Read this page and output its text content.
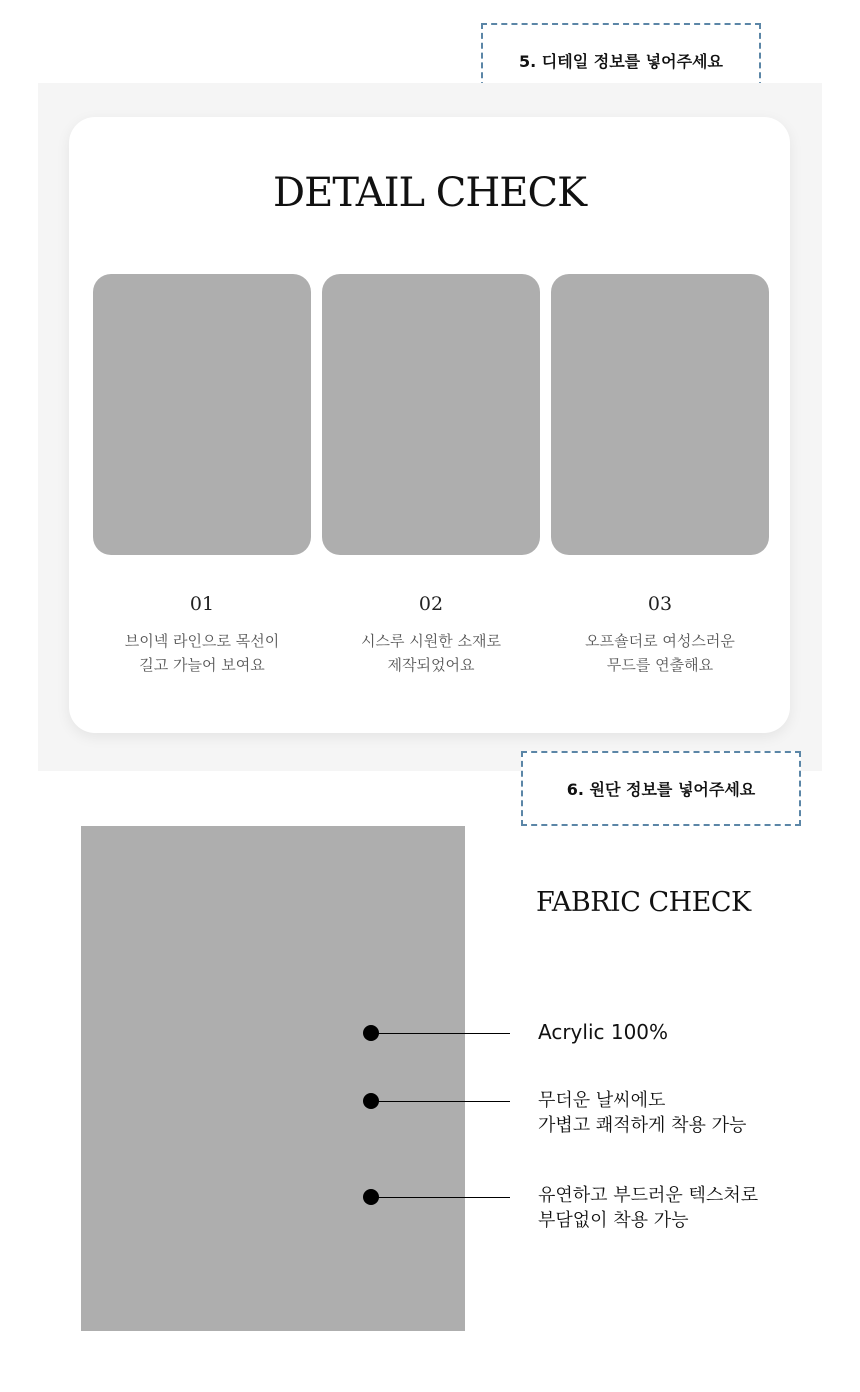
5. 디테일 정보를 넣어주세요
DETAIL CHECK
01	02	03
브이넥 라인으로 목선이
길고 가늘어 보여요
시스루 시원한 소재로
제작되었어요
오프숄더로 여성스러운
무드를 연출해요
6. 원단 정보를 넣어주세요
FABRIC CHECK
Acrylic 100%
무더운 날씨에도
가볍고 쾌적하게 착용 가능
유연하고 부드러운 텍스처로
부담없이 착용 가능
